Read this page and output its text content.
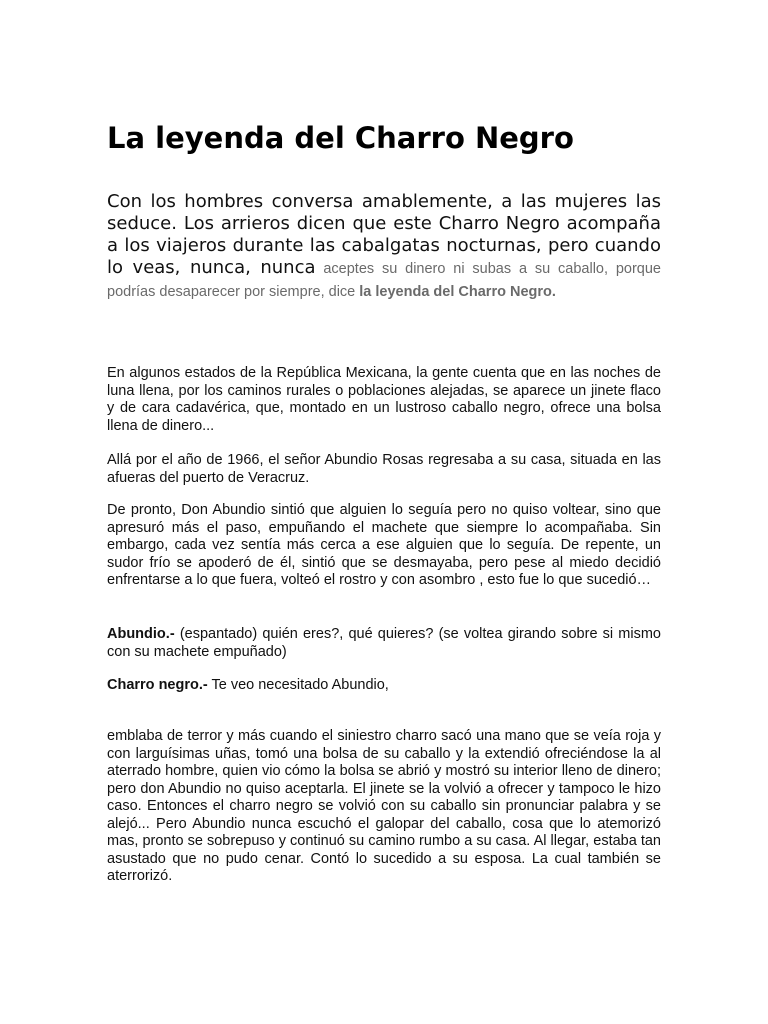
La leyenda del Charro Negro

Con los hombres conversa amablemente, a las mujeres las seduce. Los arrieros dicen que este Charro Negro acompaña a los viajeros durante las cabalgatas nocturnas, pero cuando lo veas, nunca, nunca aceptes su dinero ni subas a su caballo, porque podrías desaparecer por siempre, dice la leyenda del Charro Negro.

En algunos estados de la República Mexicana, la gente cuenta que en las noches de luna llena, por los caminos rurales o poblaciones alejadas, se aparece un jinete flaco y de cara cadavérica, que, montado en un lustroso caballo negro, ofrece una bolsa llena de dinero...

Allá por el año de 1966, el señor Abundio Rosas regresaba a su casa, situada en las afueras del puerto de Veracruz.

De pronto, Don Abundio sintió que alguien lo seguía pero no quiso voltear, sino que apresuró más el paso, empuñando el machete que siempre lo acompañaba. Sin embargo, cada vez sentía más cerca a ese alguien que lo seguía. De repente, un sudor frío se apoderó de él, sintió que se desmayaba, pero pese al miedo decidió enfrentarse a lo que fuera, volteó el rostro y con asombro , esto fue lo que sucedió…

Abundio.- (espantado) quién eres?, qué quieres? (se voltea girando sobre si mismo con su machete empuñado)

Charro negro.- Te veo necesitado Abundio,

emblaba de terror y más cuando el siniestro charro sacó una mano que se veía roja y con larguísimas uñas, tomó una bolsa de su caballo y la extendió ofreciéndose la al aterrado hombre, quien vio cómo la bolsa se abrió y mostró su interior lleno de dinero; pero don Abundio no quiso aceptarla. El jinete se la volvió a ofrecer y tampoco le hizo caso. Entonces el charro negro se volvió con su caballo sin pronunciar palabra y se alejó... Pero Abundio nunca escuchó el galopar del caballo, cosa que lo atemorizó mas, pronto se sobrepuso y continuó su camino rumbo a su casa. Al llegar, estaba tan asustado que no pudo cenar. Contó lo sucedido a su esposa. La cual también se aterrorizó.
